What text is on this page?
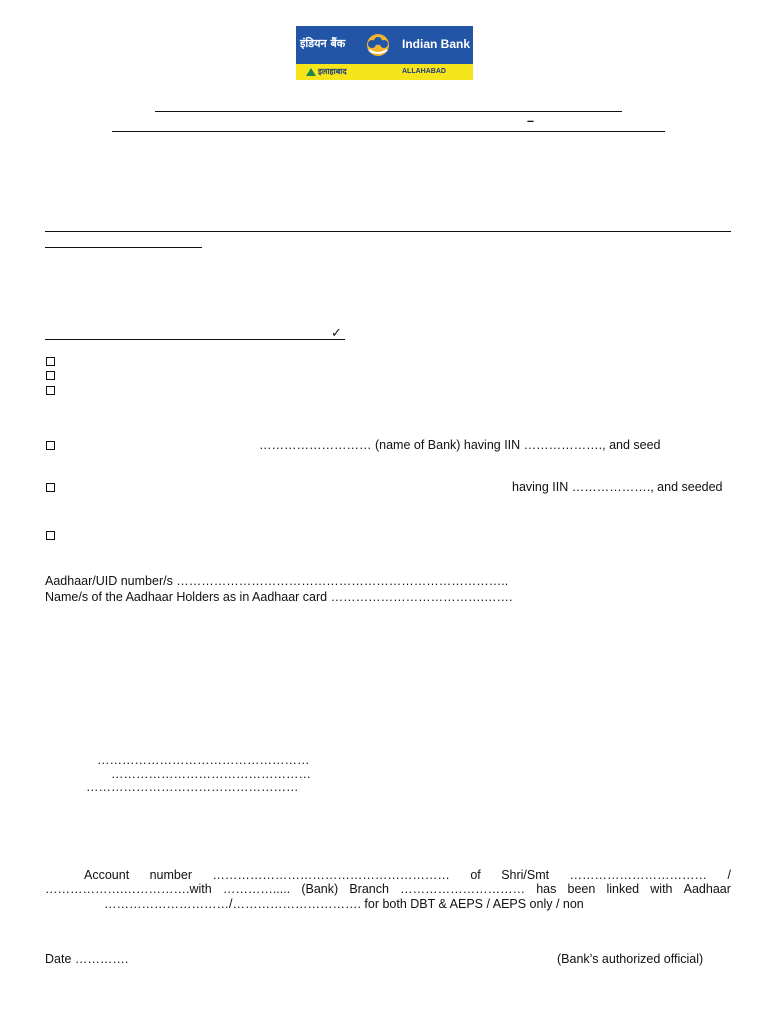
इंडियन बैंक	Indian Bank
इलाहाबाद	ALLAHABAD
–
✓
……………………… (name of Bank) having IIN ………………., and seed
having IIN ………………., and seeded
Aadhaar/UID number/s ……………………………………………………………………..
Name/s of the Aadhaar Holders as in Aadhaar card ……………………………….…….
……………………………………………
…………………………………………
……………………………………………
Account number ………………………………………………… of Shri/Smt …………………………… /
……………….…………….with …………..... (Bank) Branch ………………………… has been linked with Aadhaar
…………………………/…………………………. for both DBT & AEPS / AEPS only / non
Date ………….	(Bank’s authorized official)
